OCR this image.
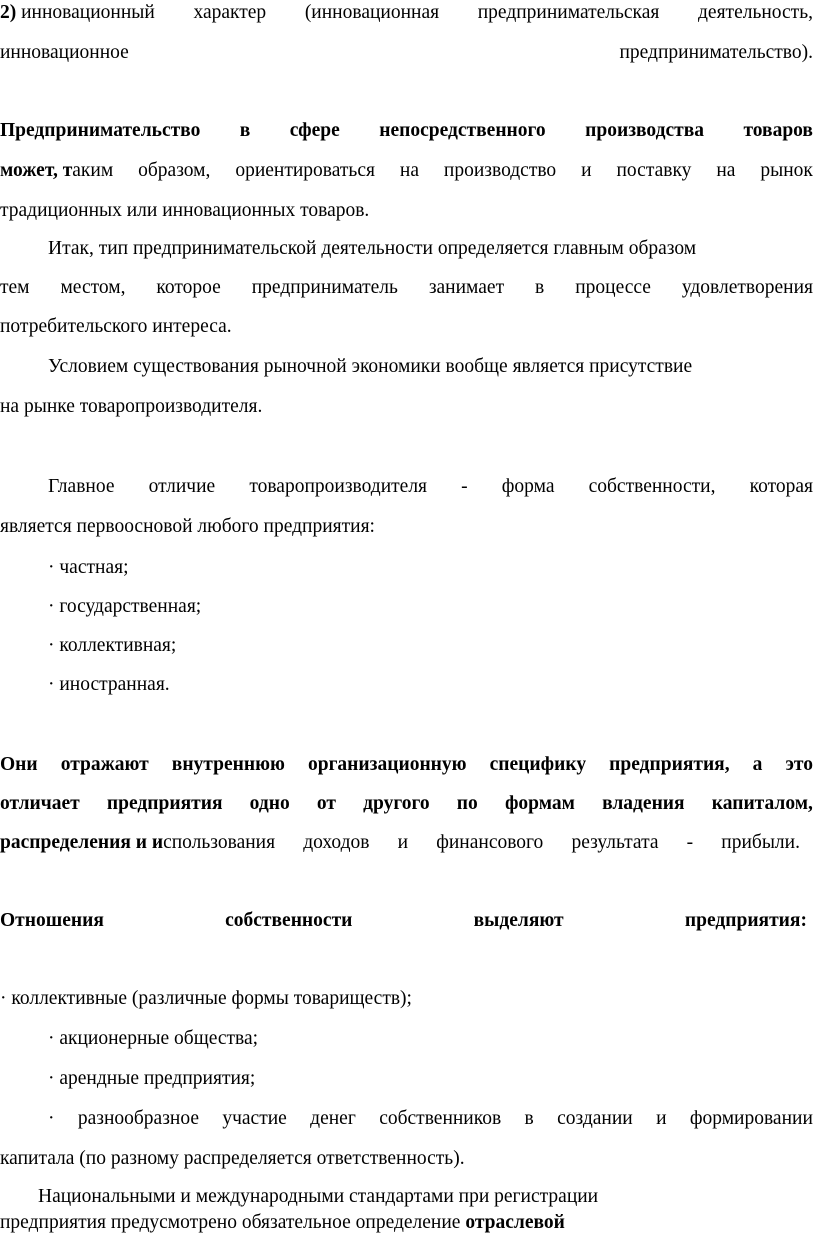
2) инновационный характер (инновационная предпринимательская деятельность,
инновационное	предпринимательство).
Предпринимательство в сфере непосредственного производства товаров
может, таким образом, ориентироваться на производство и поставку на рынок
традиционных или инновационных товаров.
Итак, тип предпринимательской деятельности определяется главным образом
тем местом, которое предприниматель занимает в процессе удовлетворения
потребительского интереса.
Условием существования рыночной экономики вообще является присутствие
на рынке товаропроизводителя.
Главное отличие товаропроизводителя - форма собственности, которая
является первоосновой любого предприятия:
· частная;
· государственная;
· коллективная;
· иностранная.
Они отражают внутреннюю организационную специфику предприятия, а это
отличает предприятия одно от другого по формам владения капиталом,
распределения и использования доходов и финансового результата - прибыли.
Отношения	собственности	выделяют	предприятия:
· коллективные (различные формы товариществ);
· акционерные общества;
· арендные предприятия;
· разнообразное участие денег собственников в создании и формировании
капитала (по разному распределяется ответственность).
Национальными и международными стандартами при регистрации
предприятия предусмотрено обязательное определение отраслевой
